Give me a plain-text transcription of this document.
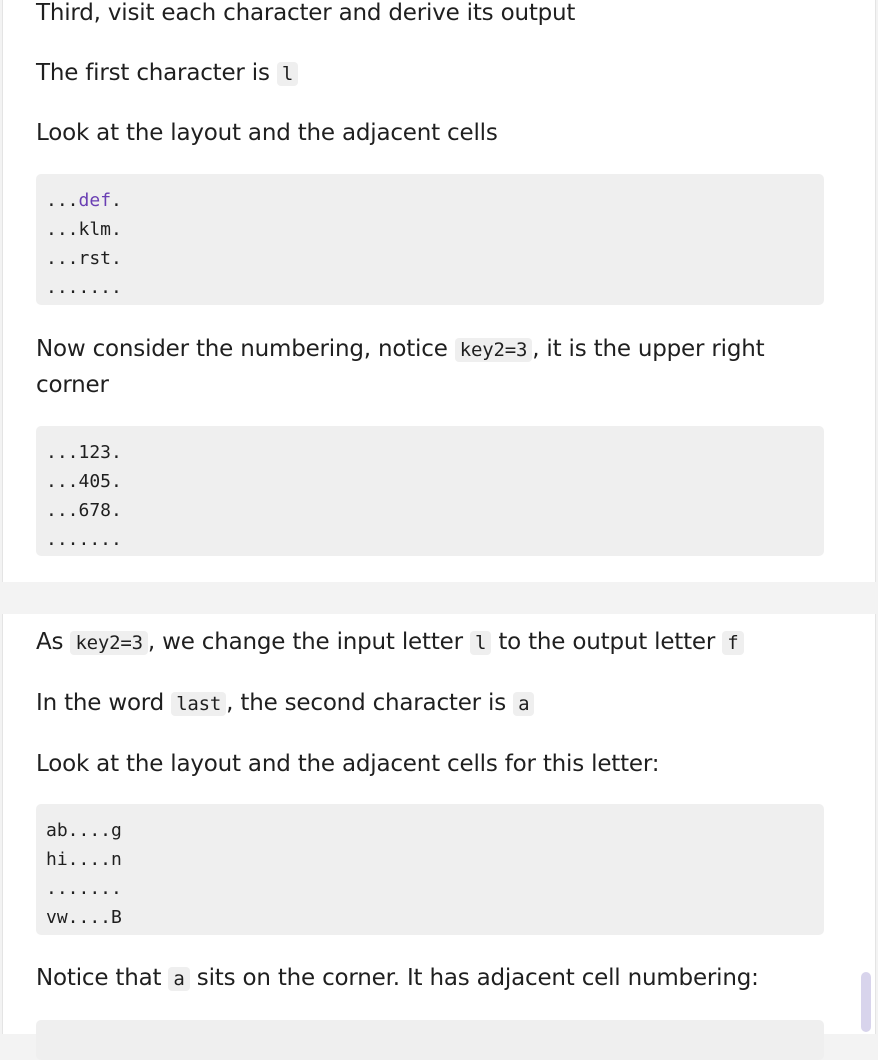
Third, visit each character and derive its output
The first character is l
Look at the layout and the adjacent cells
...def.
...klm.
...rst.
.......
Now consider the numbering, notice key2=3 , it is the upper right
corner
...123.
...405.
...678.
.......
As key2=3 , we change the input letter l to the output letter f
In the word last , the second character is a
Look at the layout and the adjacent cells for this letter:
ab....g
hi....n
.......
vw....B
Notice that a sits on the corner. It has adjacent cell numbering:
